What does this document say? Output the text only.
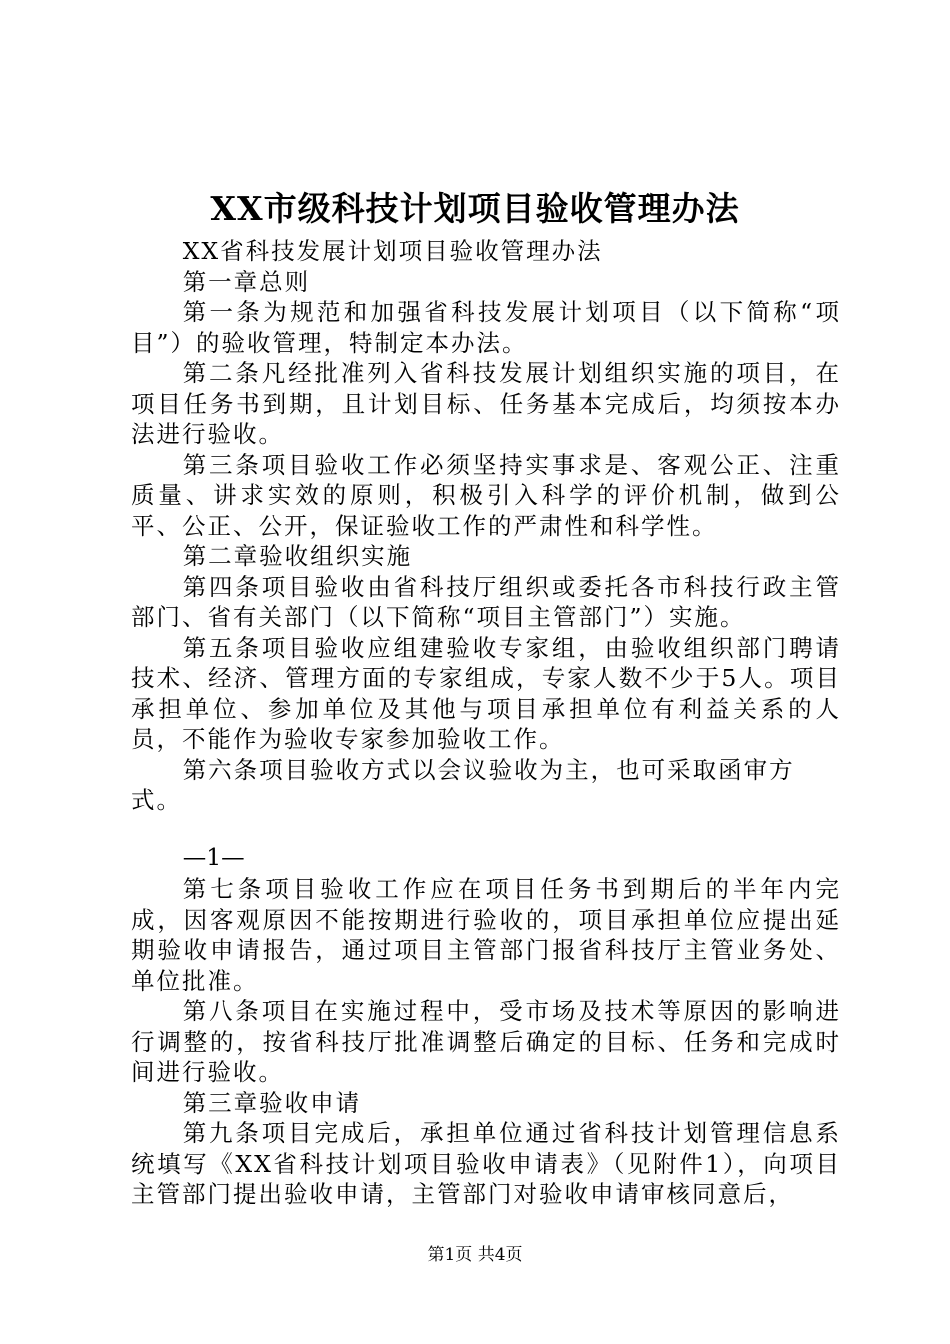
XX市级科技计划项目验收管理办法

XX省科技发展计划项目验收管理办法

第一章总则

第一条为规范和加强省科技发展计划项目（以下简称“项目”）的验收管理，特制定本办法。

第二条凡经批准列入省科技发展计划组织实施的项目，在项目任务书到期，且计划目标、任务基本完成后，均须按本办法进行验收。

第三条项目验收工作必须坚持实事求是、客观公正、注重质量、讲求实效的原则，积极引入科学的评价机制，做到公平、公正、公开，保证验收工作的严肃性和科学性。

第二章验收组织实施

第四条项目验收由省科技厅组织或委托各市科技行政主管部门、省有关部门（以下简称“项目主管部门”）实施。

第五条项目验收应组建验收专家组，由验收组织部门聘请技术、经济、管理方面的专家组成，专家人数不少于5人。项目承担单位、参加单位及其他与项目承担单位有利益关系的人员，不能作为验收专家参加验收工作。

第六条项目验收方式以会议验收为主，也可采取函审方式。

—1—

第七条项目验收工作应在项目任务书到期后的半年内完成，因客观原因不能按期进行验收的，项目承担单位应提出延期验收申请报告，通过项目主管部门报省科技厅主管业务处、单位批准。

第八条项目在实施过程中，受市场及技术等原因的影响进行调整的，按省科技厅批准调整后确定的目标、任务和完成时间进行验收。

第三章验收申请

第九条项目完成后，承担单位通过省科技计划管理信息系统填写《XX省科技计划项目验收申请表》（见附件1），向项目主管部门提出验收申请，主管部门对验收申请审核同意后，

第1页 共4页
